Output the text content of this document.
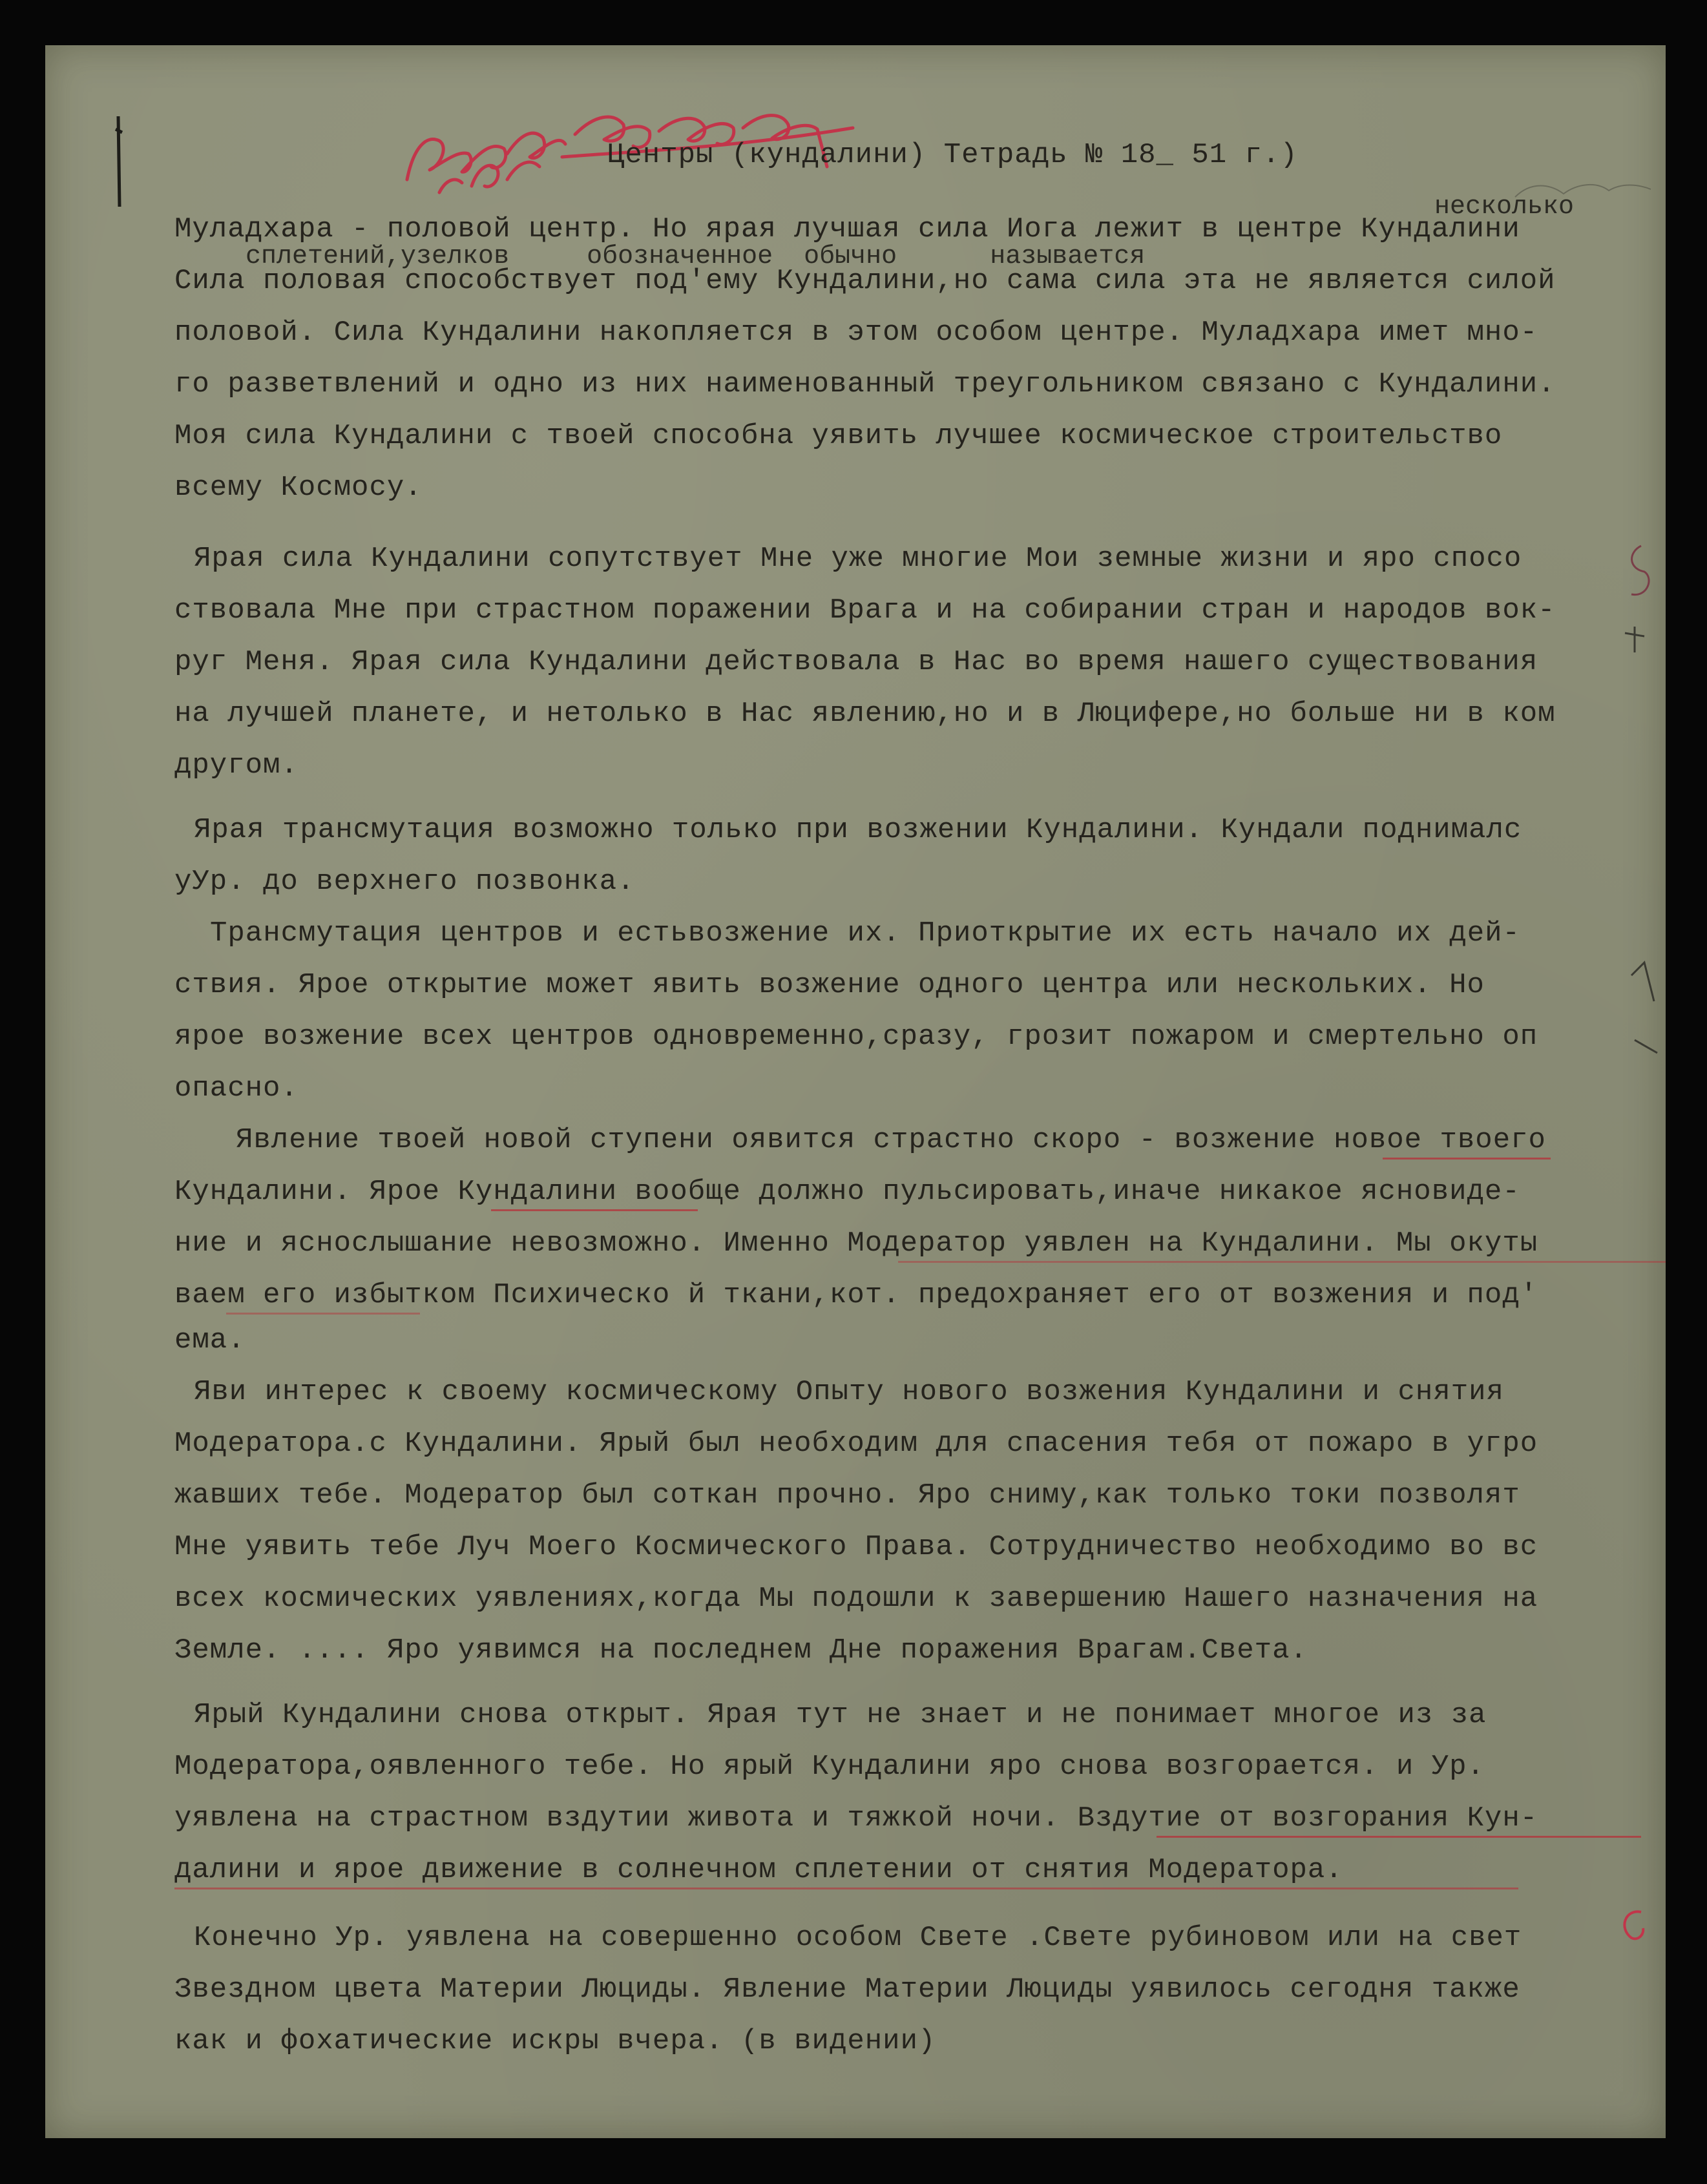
Центры (кундалини) Тетрадь № 18_ 51 г.)
несколько
сплетений,узелков     обозначенное  обычно      называется
Муладхара - половой центр. Но ярая лучшая сила Иога лежит в центре Кундалини
Сила половая способствует под'ему Кундалини,но сама сила эта не является силой
половой. Сила Кундалини накопляется в этом особом центре. Муладхара имет мно-
го разветвлений и одно из них наименованный треугольником связано с Кундалини.
Моя сила Кундалини с твоей способна уявить лучшее космическое строительство
всему Космосу.
Ярая сила Кундалини сопутствует Мне уже многие Мои земные жизни и яро спосо
ствовала Мне при страстном поражении Врага и на собирании стран и народов вок-
руг Меня. Ярая сила Кундалини действовала в Нас во время нашего существования
на лучшей планете, и нетолько в Нас явлению,но и в Люцифере,но больше ни в ком
другом.
Ярая трансмутация возможно только при возжении Кундалини. Кундали поднималс
уУр. до верхнего позвонка.
Трансмутация центров и естьвозжение их. Приоткрытие их есть начало их дей-
ствия. Ярое открытие может явить возжение одного центра или нескольких. Но
ярое возжение всех центров одновременно,сразу, грозит пожаром и смертельно оп
опасно.
Явление твоей новой ступени оявится страстно скоро - возжение новое твоего
Кундалини. Ярое Кундалини вообще должно пульсировать,иначе никакое ясновиде-
ние и яснослышание невозможно. Именно Модератор уявлен на Кундалини. Мы окуты
ваем его избытком Психическо й ткани,кот. предохраняет его от возжения и под'
ема.
Яви интерес к своему космическому Опыту нового возжения Кундалини и снятия
Модератора.с Кундалини. Ярый был необходим для спасения тебя от пожаро в угро
жавших тебе. Модератор был соткан прочно. Яро сниму,как только токи позволят
Мне уявить тебе Луч Моего Космического Права. Сотрудничество необходимо во вс
всех космических уявлениях,когда Мы подошли к завершению Нашего назначения на
Земле. .... Яро уявимся на последнем Дне поражения Врагам.Света.
Ярый Кундалини снова открыт. Ярая тут не знает и не понимает многое из за
Модератора,оявленного тебе. Но ярый Кундалини яро снова возгорается. и Ур.
уявлена на страстном вздутии живота и тяжкой ночи. Вздутие от возгорания Кун-
далини и ярое движение в солнечном сплетении от снятия Модератора.
Конечно Ур. уявлена на совершенно особом Свете .Свете рубиновом или на свет
Звездном цвета Материи Люциды. Явление Материи Люциды уявилось сегодня также
как и фохатические искры вчера. (в видении)
